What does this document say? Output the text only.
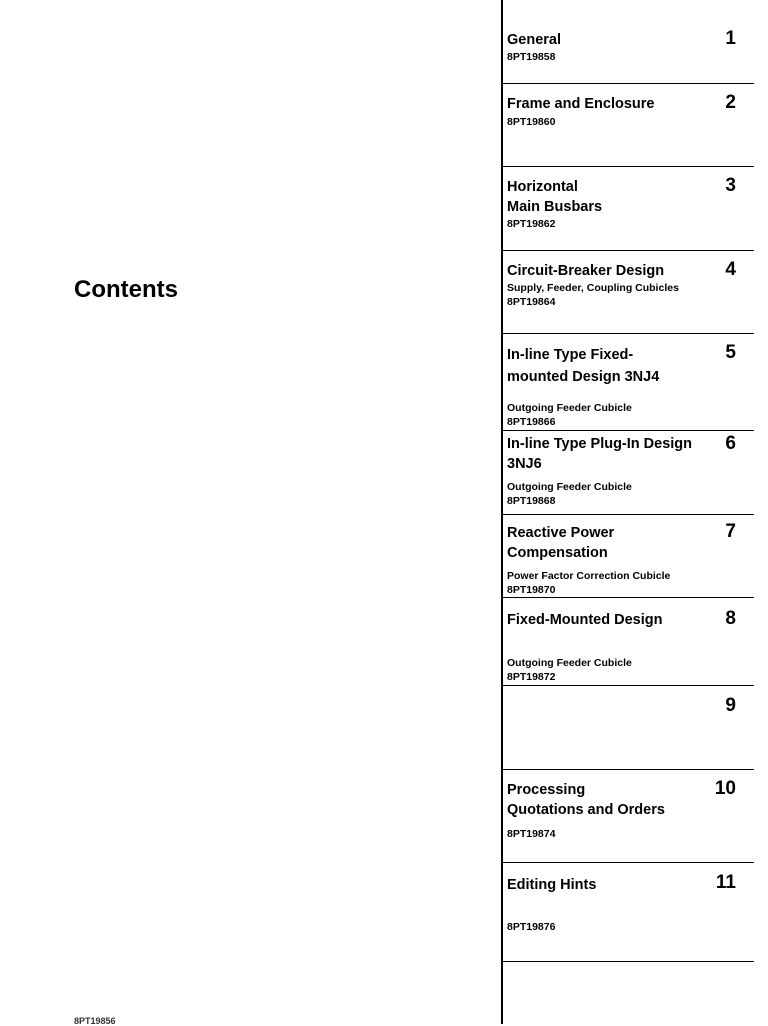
Contents
8PT19856
General
8PT19858
1
Frame and Enclosure
8PT19860
2
Horizontal
Main Busbars
8PT19862
3
Circuit-Breaker Design
Supply, Feeder, Coupling Cubicles
8PT19864
4
In-line Type Fixed-
mounted Design 3NJ4
Outgoing Feeder Cubicle
8PT19866
5
In-line Type Plug-In Design
3NJ6
Outgoing Feeder Cubicle
8PT19868
6
Reactive Power
Compensation
Power Factor Correction Cubicle
8PT19870
7
Fixed-Mounted Design
Outgoing Feeder Cubicle
8PT19872
8
9
Processing
Quotations and Orders
8PT19874
10
Editing Hints
8PT19876
11
